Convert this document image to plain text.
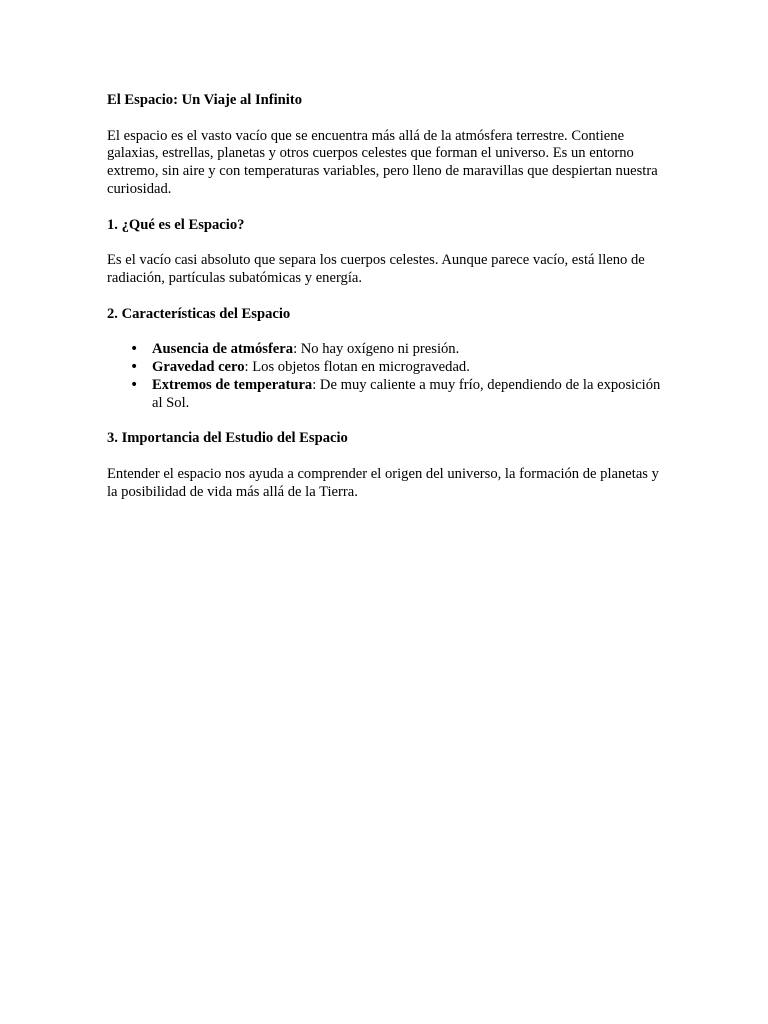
El Espacio: Un Viaje al Infinito

El espacio es el vasto vacío que se encuentra más allá de la atmósfera terrestre. Contiene galaxias, estrellas, planetas y otros cuerpos celestes que forman el universo. Es un entorno extremo, sin aire y con temperaturas variables, pero lleno de maravillas que despiertan nuestra curiosidad.

1. ¿Qué es el Espacio?

Es el vacío casi absoluto que separa los cuerpos celestes. Aunque parece vacío, está lleno de radiación, partículas subatómicas y energía.

2. Características del Espacio

•
Ausencia de atmósfera: No hay oxígeno ni presión.
•
Gravedad cero: Los objetos flotan en microgravedad.
•
Extremos de temperatura: De muy caliente a muy frío, dependiendo de la exposición al Sol.

3. Importancia del Estudio del Espacio

Entender el espacio nos ayuda a comprender el origen del universo, la formación de planetas y la posibilidad de vida más allá de la Tierra.
